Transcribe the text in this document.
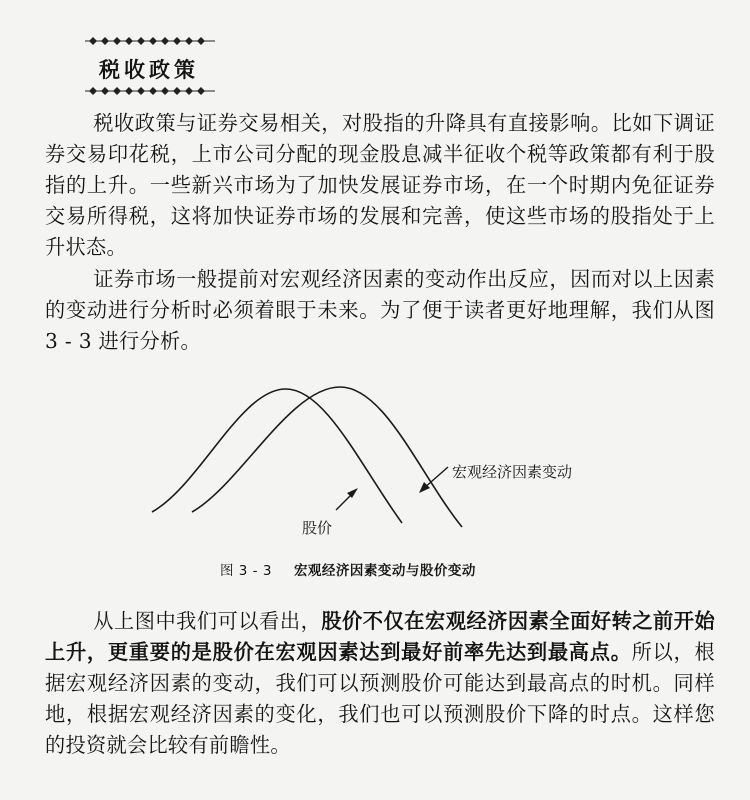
税收政策

税收政策与证券交易相关，对股指的升降具有直接影响。比如下调证券交易印花税，上市公司分配的现金股息减半征收个税等政策都有利于股指的上升。一些新兴市场为了加快发展证券市场，在一个时期内免征证券交易所得税，这将加快证券市场的发展和完善，使这些市场的股指处于上升状态。

证券市场一般提前对宏观经济因素的变动作出反应，因而对以上因素的变动进行分析时必须着眼于未来。为了便于读者更好地理解，我们从图 3 - 3 进行分析。

宏观经济因素变动
股价
图 3 - 3 宏观经济因素变动与股价变动

从上图中我们可以看出，股价不仅在宏观经济因素全面好转之前开始上升，更重要的是股价在宏观因素达到最好前率先达到最高点。所以，根据宏观经济因素的变动，我们可以预测股价可能达到最高点的时机。同样地，根据宏观经济因素的变化，我们也可以预测股价下降的时点。这样您的投资就会比较有前瞻性。
